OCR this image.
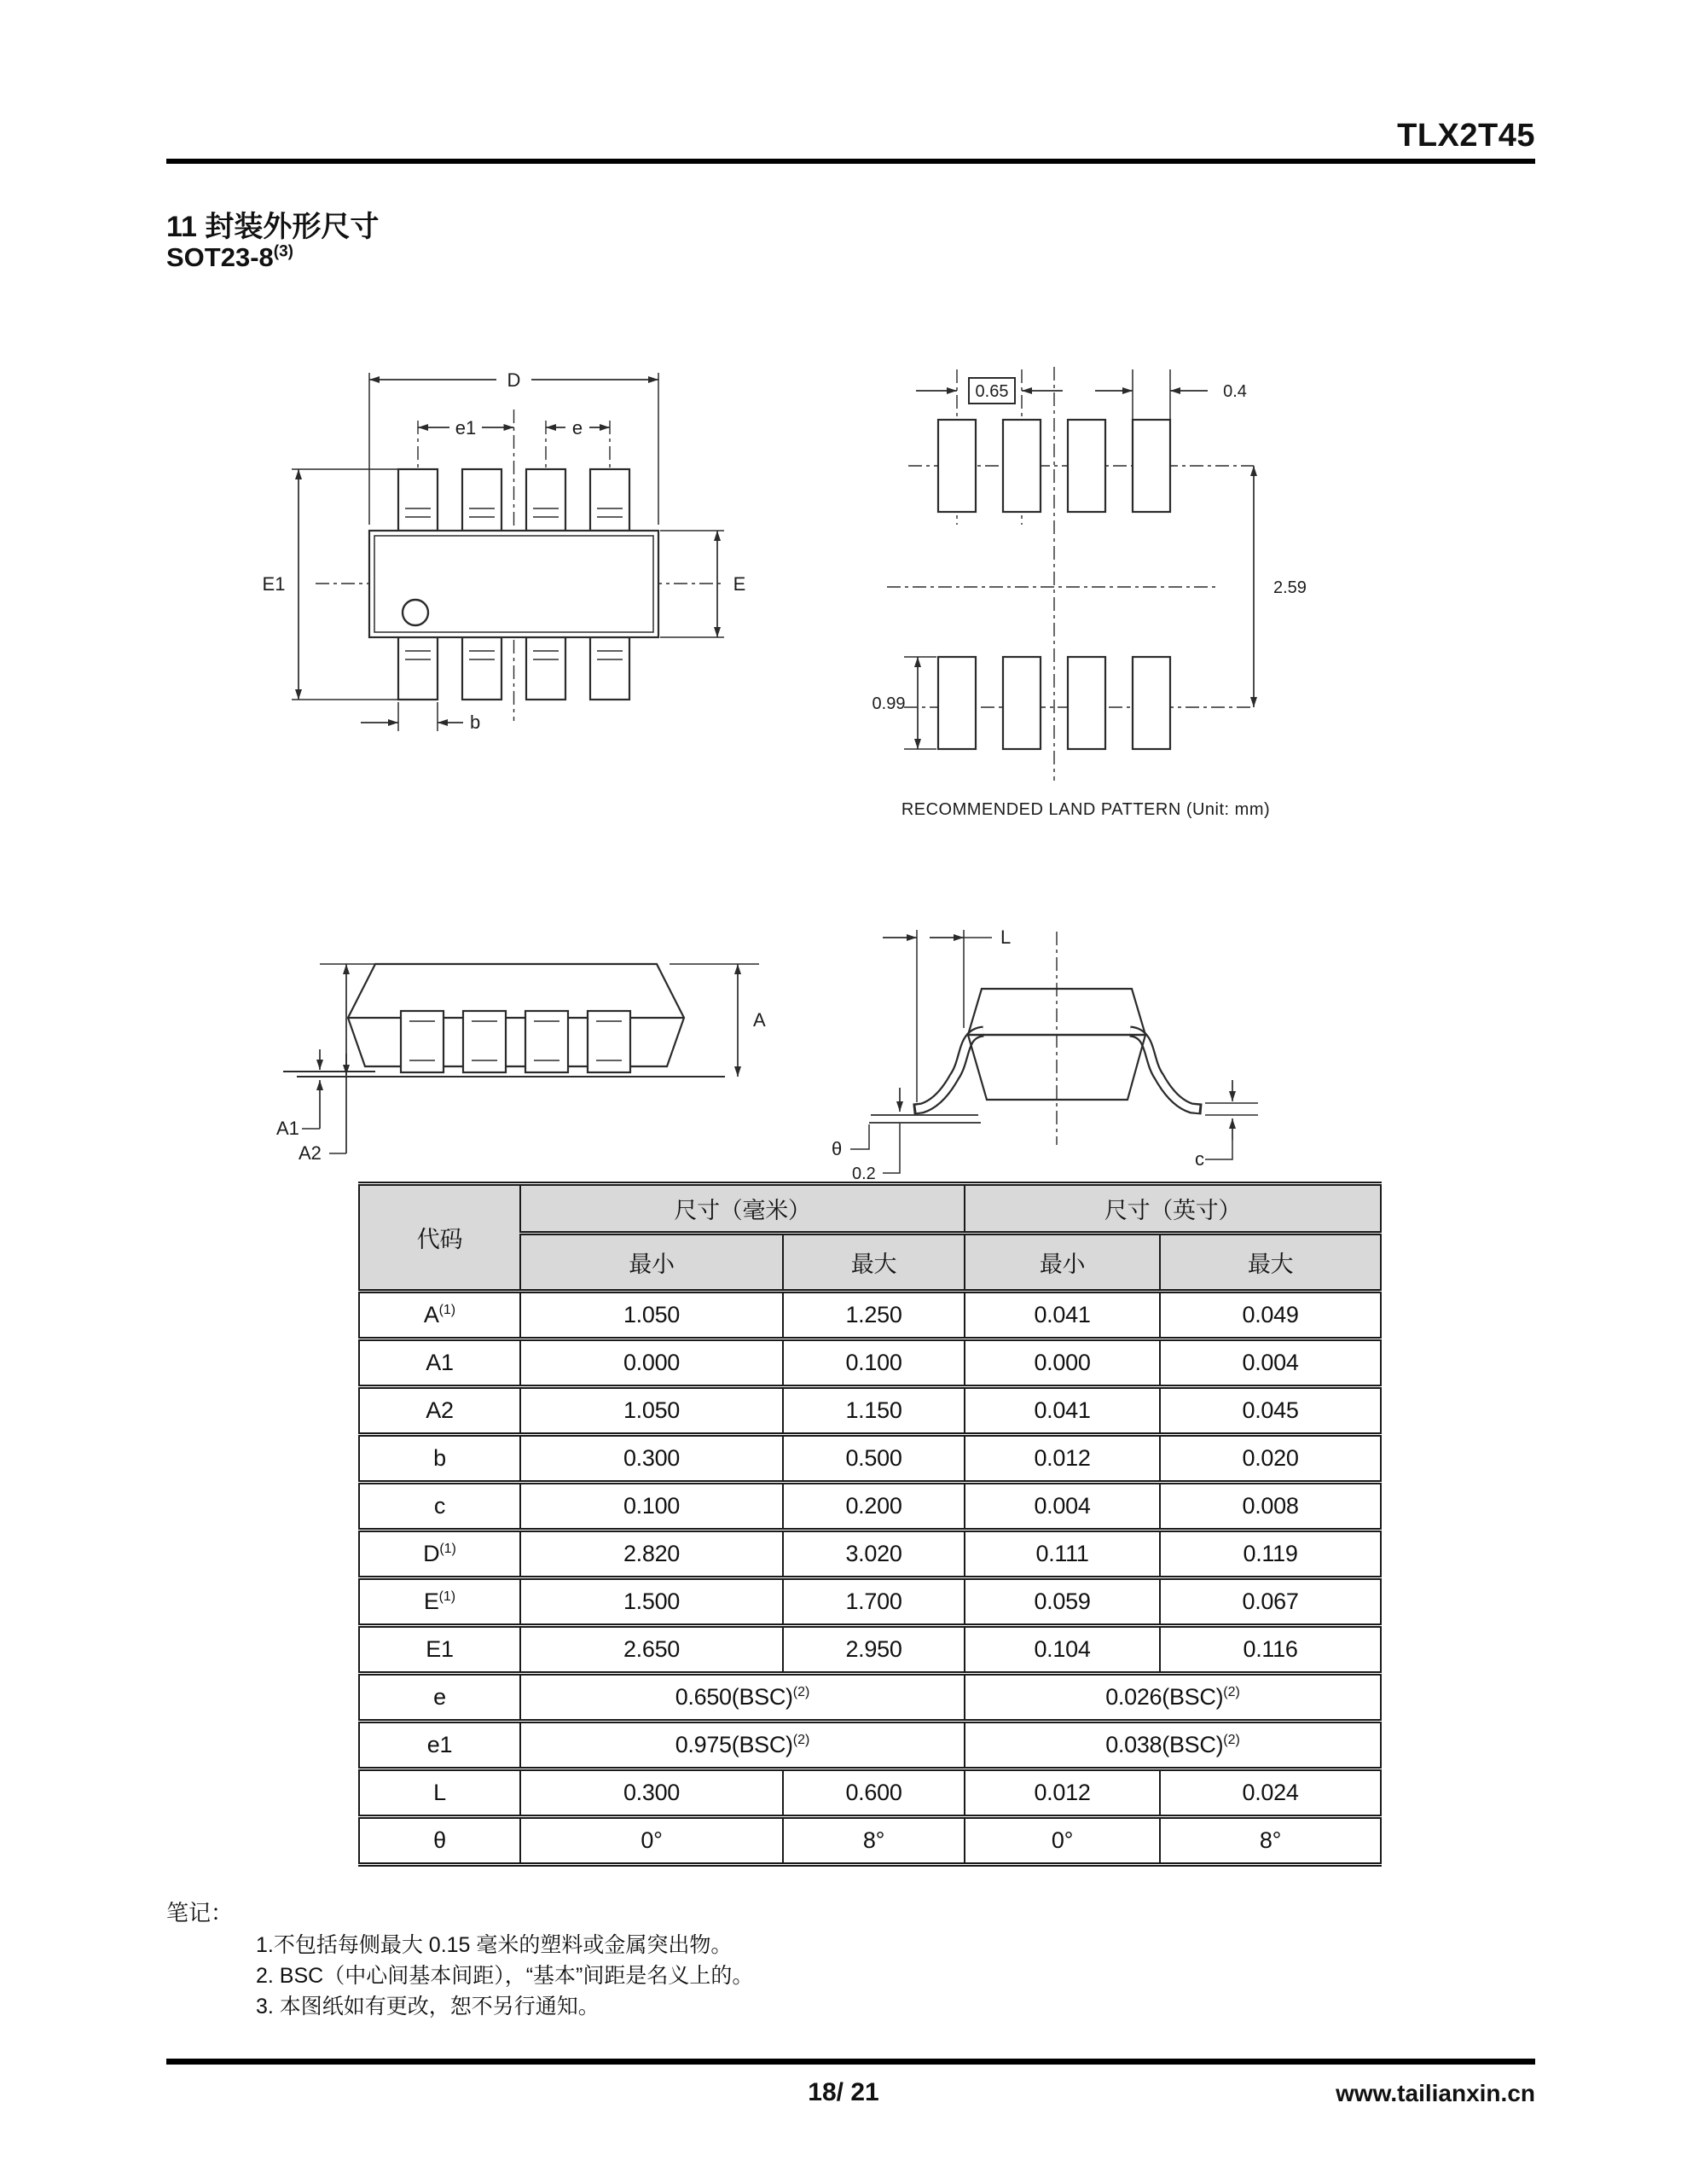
TLX2T45
11 封装外形尺寸
SOT23-8$^{(3)}$
D
e1	e
E1	E
b
0.65	0.4
2.59
0.99
RECOMMENDED LAND PATTERN (Unit: mm)
A
A2
A1
L
θ
0.2
c
代码	尺寸（毫米）		尺寸（英寸）	
	最小	最大	最小	最大
$A^{(1)}$	1.050	1.250	0.041	0.049
A1	0.000	0.100	0.000	0.004
A2	1.050	1.150	0.041	0.045
b	0.300	0.500	0.012	0.020
c	0.100	0.200	0.004	0.008
$D^{(1)}$	2.820	3.020	0.111	0.119
$E^{(1)}$	1.500	1.700	0.059	0.067
E1	2.650	2.950	0.104	0.116
e	0.650(BSC)$^{(2)}$		0.026(BSC)$^{(2)}$
e1	0.975(BSC)$^{(2)}$		0.038(BSC)$^{(2)}$
L	0.300	0.600	0.012	0.024
θ	0°	8°	0°	8°
笔记：
1.不包括每侧最大 0.15 毫米的塑料或金属突出物。
2. BSC（中心间基本间距），“基本”间距是名义上的。
3. 本图纸如有更改，恕不另行通知。
18/ 21	www.tailianxin.cn
